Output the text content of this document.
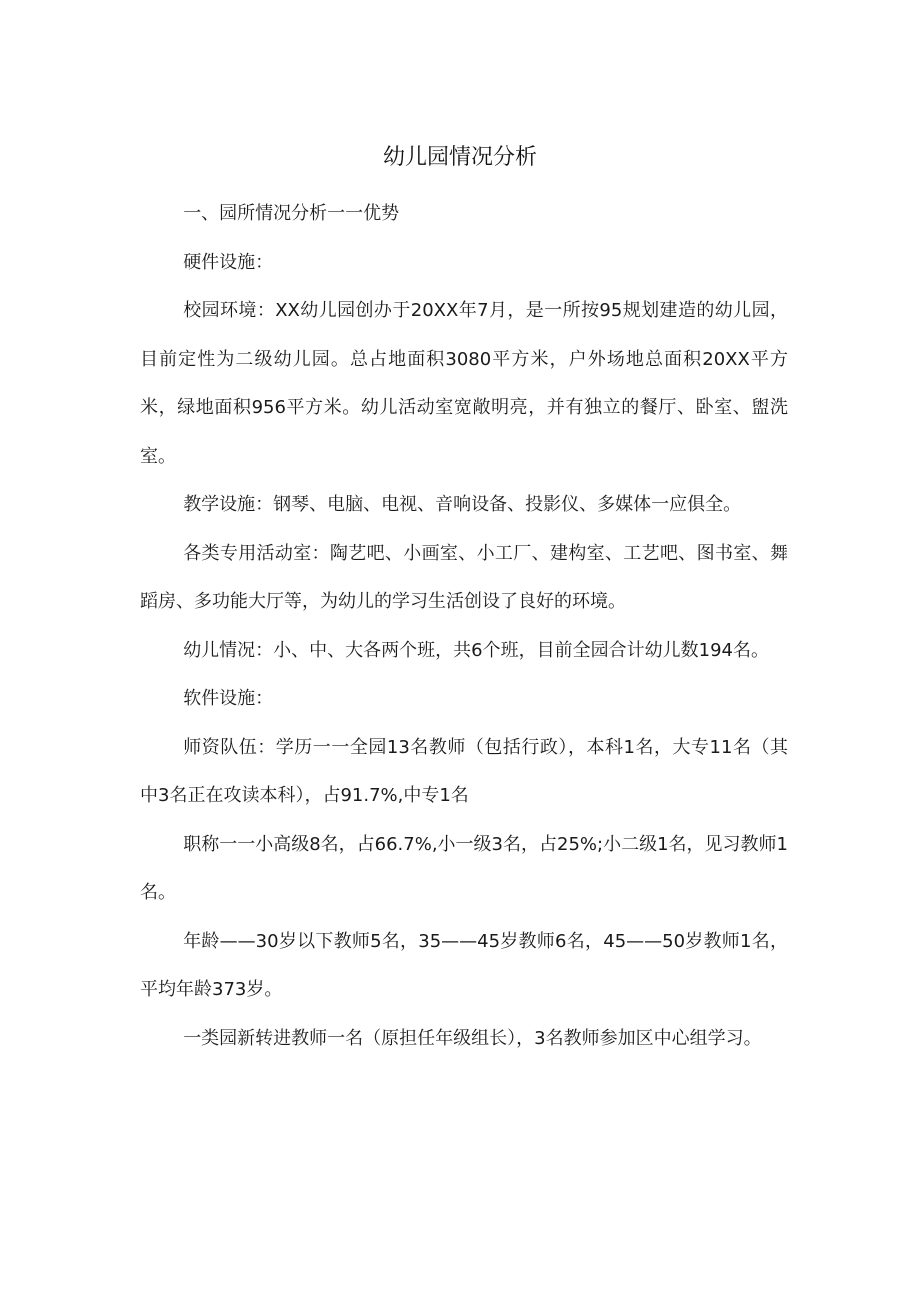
幼儿园情况分析

一、园所情况分析一一优势

硬件设施：

校园环境：XX幼儿园创办于20XX年7月，是一所按95规划建造的幼儿园，目前定性为二级幼儿园。总占地面积3080平方米，户外场地总面积20XX平方米，绿地面积956平方米。幼儿活动室宽敞明亮，并有独立的餐厅、卧室、盥洗室。

教学设施：钢琴、电脑、电视、音响设备、投影仪、多媒体一应俱全。

各类专用活动室：陶艺吧、小画室、小工厂、建构室、工艺吧、图书室、舞蹈房、多功能大厅等，为幼儿的学习生活创设了良好的环境。

幼儿情况：小、中、大各两个班，共6个班，目前全园合计幼儿数194名。

软件设施：

师资队伍：学历一一全园13名教师（包括行政），本科1名，大专11名（其中3名正在攻读本科），占91.7%,中专1名

职称一一小高级8名，占66.7%,小一级3名，占25%;小二级1名，见习教师1名。

年龄——30岁以下教师5名，35——45岁教师6名，45——50岁教师1名，平均年龄373岁。

一类园新转进教师一名（原担任年级组长），3名教师参加区中心组学习。
